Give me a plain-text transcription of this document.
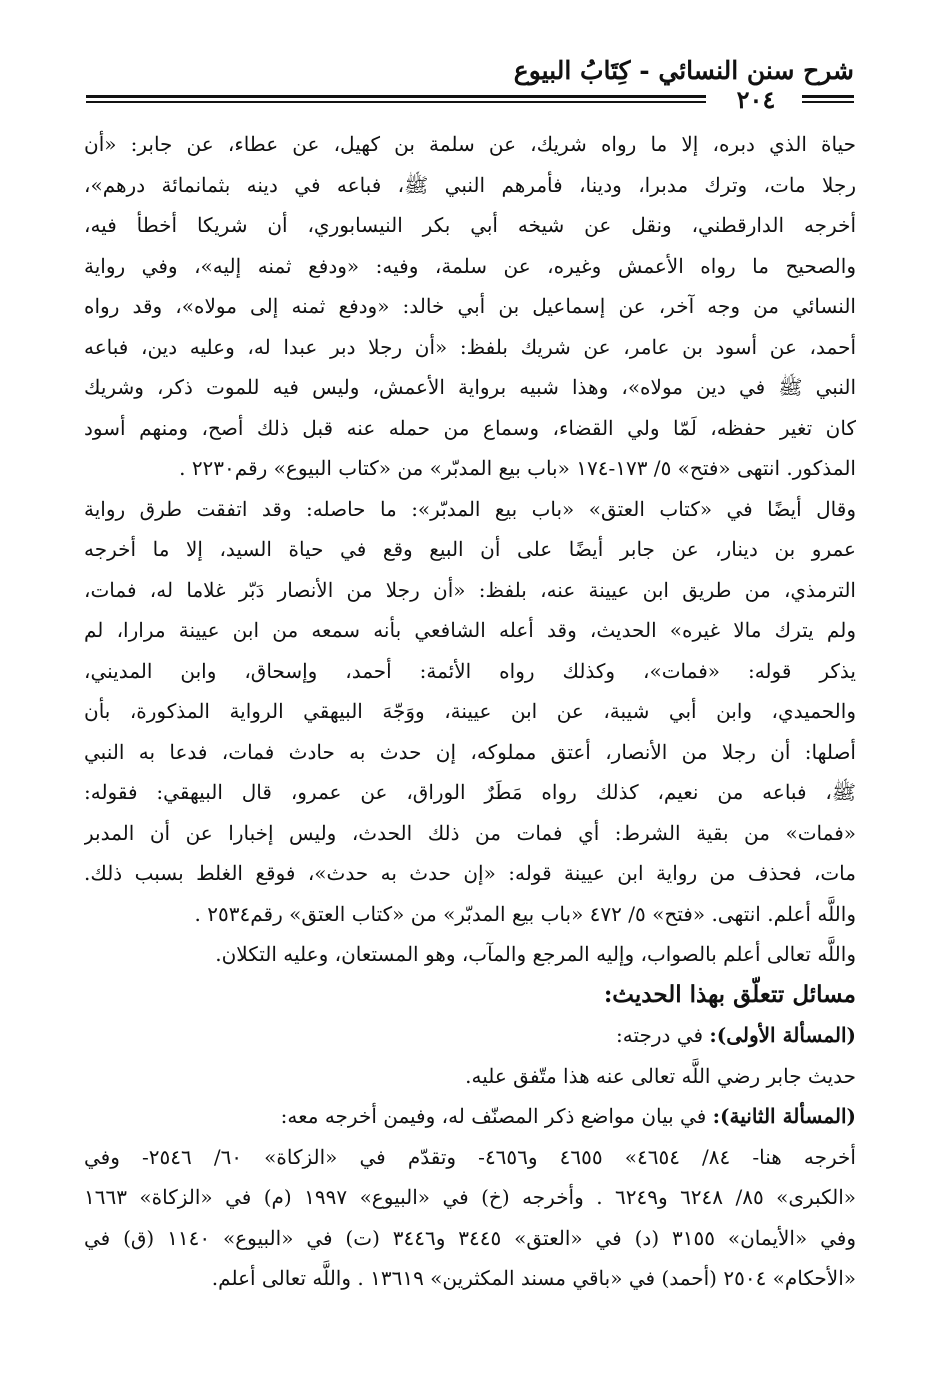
شرح سنن النسائي - كِتَابُ البيوع
٢٠٤
حياة الذي دبره، إلا ما رواه شريك، عن سلمة بن كهيل، عن عطاء، عن جابر: «أن
رجلا مات، وترك مدبرا، ودينا، فأمرهم النبي ﷺ، فباعه في دينه بثمانمائة درهم»،
أخرجه الدارقطني، ونقل عن شيخه أبي بكر النيسابوري، أن شريكا أخطأ فيه،
والصحيح ما رواه الأعمش وغيره، عن سلمة، وفيه: «ودفع ثمنه إليه»، وفي رواية
النسائي من وجه آخر، عن إسماعيل بن أبي خالد: «ودفع ثمنه إلى مولاه»، وقد رواه
أحمد، عن أسود بن عامر، عن شريك بلفظ: «أن رجلا دبر عبدا له، وعليه دين، فباعه
النبي ﷺ في دين مولاه»، وهذا شبيه برواية الأعمش، وليس فيه للموت ذكر، وشريك
كان تغير حفظه، لَمّا ولي القضاء، وسماع من حمله عنه قبل ذلك أصح، ومنهم أسود
المذكور. انتهى «فتح» ٥/ ١٧٣-١٧٤ «باب بيع المدبّر» من «كتاب البيوع» رقم٢٢٣٠ .
وقال أيضًا في «كتاب العتق» «باب بيع المدبّر»: ما حاصله: وقد اتفقت طرق رواية
عمرو بن دينار، عن جابر أيضًا على أن البيع وقع في حياة السيد، إلا ما أخرجه
الترمذي، من طريق ابن عيينة عنه، بلفظ: «أن رجلا من الأنصار دَبّر غلاما له، فمات،
ولم يترك مالا غيره» الحديث، وقد أعله الشافعي بأنه سمعه من ابن عيينة مرارا، لم
يذكر قوله: «فمات»، وكذلك رواه الأئمة: أحمد، وإسحاق، وابن المديني،
والحميدي، وابن أبي شيبة، عن ابن عيينة، ووَجّهَ البيهقي الرواية المذكورة، بأن
أصلها: أن رجلا من الأنصار، أعتق مملوكه، إن حدث به حادث فمات، فدعا به النبي
ﷺ، فباعه من نعيم، كذلك رواه مَطَرٌ الوراق، عن عمرو، قال البيهقي: فقوله:
«فمات» من بقية الشرط: أي فمات من ذلك الحدث، وليس إخبارا عن أن المدبر
مات، فحذف من رواية ابن عيينة قوله: «إن حدث به حدث»، فوقع الغلط بسبب ذلك.
واللَّه أعلم. انتهى. «فتح» ٥/ ٤٧٢ «باب بيع المدبّر» من «كتاب العتق» رقم٢٥٣٤ .
واللَّه تعالى أعلم بالصواب، وإليه المرجع والمآب، وهو المستعان، وعليه التكلان.
مسائل تتعلّق بهذا الحديث:
(المسألة الأولى): في درجته:
حديث جابر رضي اللَّه تعالى عنه هذا متّفق عليه.
(المسألة الثانية): في بيان مواضع ذكر المصنّف له، وفيمن أخرجه معه:
أخرجه هنا- ٨٤/ ٤٦٥٤» ٤٦٥٥ و٤٦٥٦- وتقدّم في «الزكاة» ٦٠/ ٢٥٤٦- وفي
«الكبرى» ٨٥/ ٦٢٤٨ و٦٢٤٩ . وأخرجه (خ) في «البيوع» ١٩٩٧ (م) في «الزكاة» ١٦٦٣
وفي «الأيمان» ٣١٥٥ (د) في «العتق» ٣٤٤٥ و٣٤٤٦ (ت) في «البيوع» ١١٤٠ (ق) في
«الأحكام» ٢٥٠٤ (أحمد) في «باقي مسند المكثرين» ١٣٦١٩ . واللَّه تعالى أعلم.
